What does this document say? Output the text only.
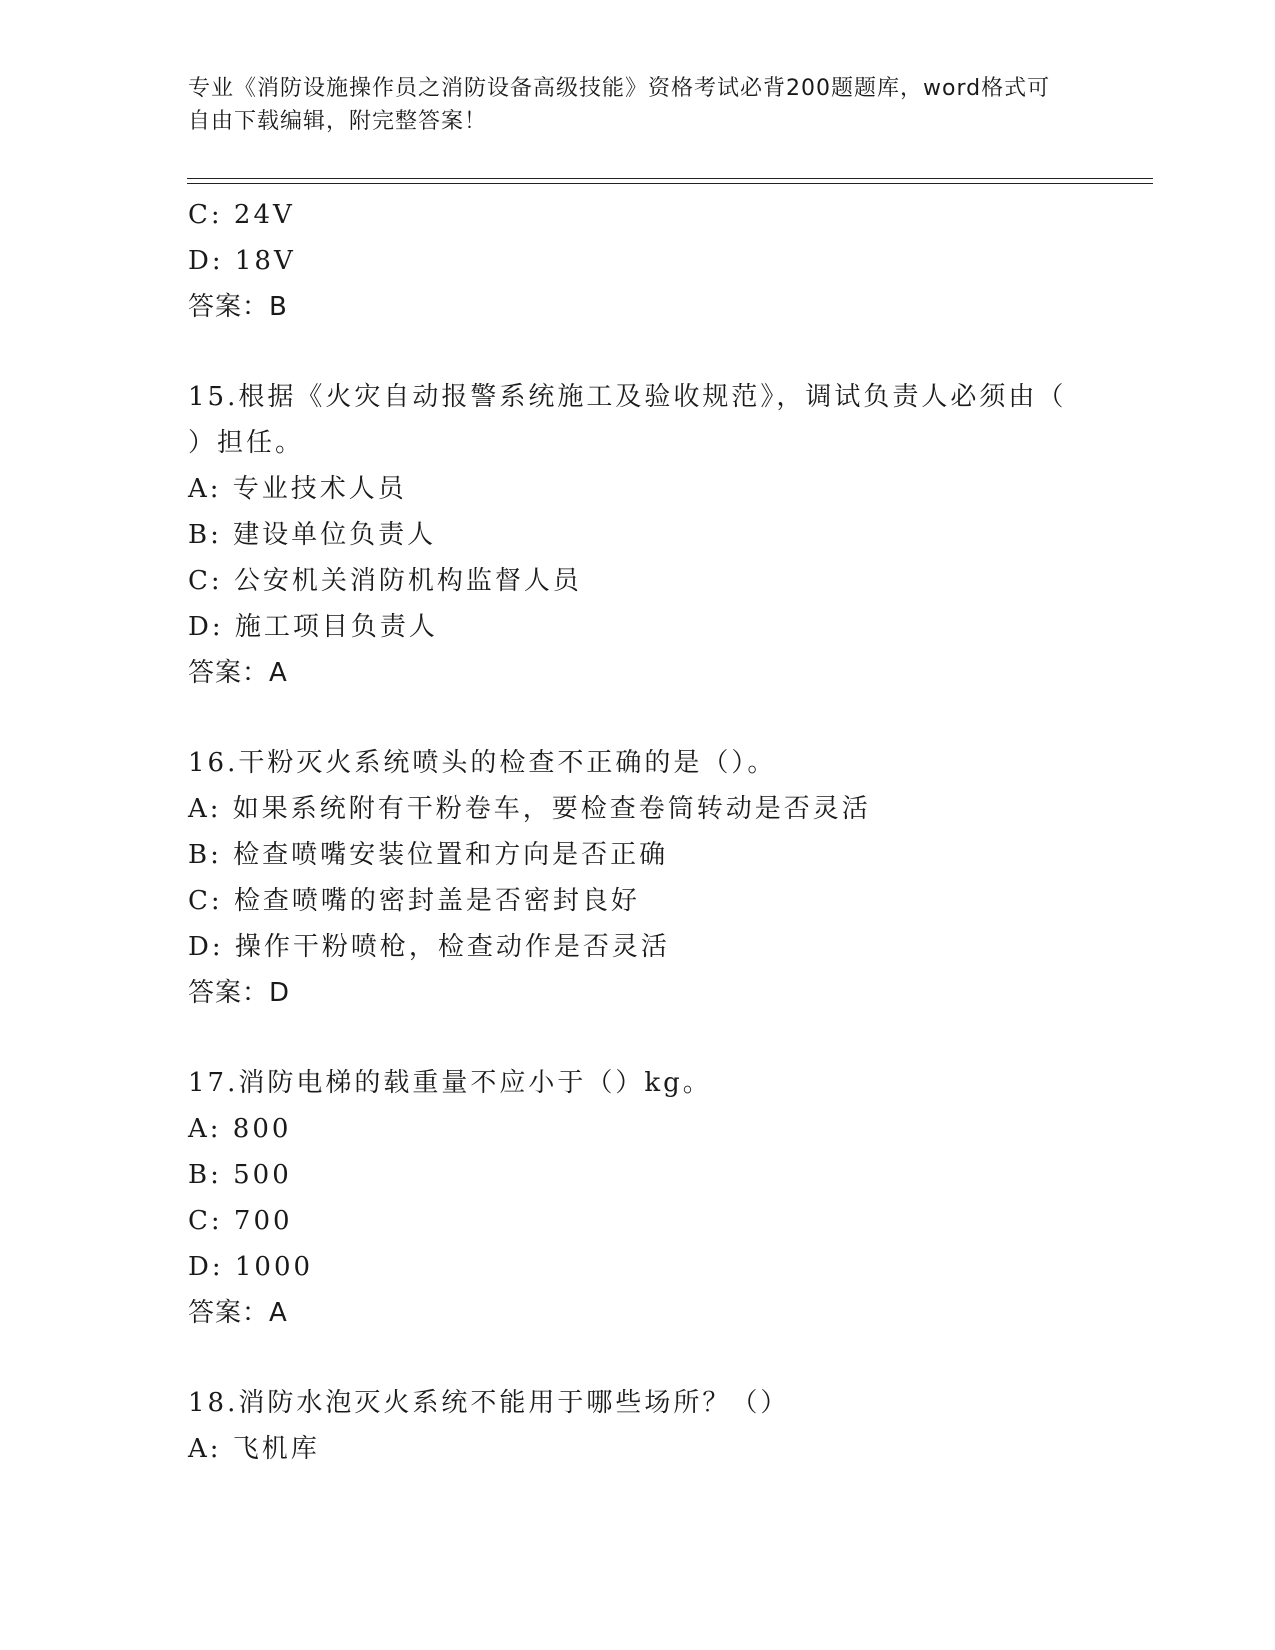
专业《消防设施操作员之消防设备高级技能》资格考试必背200题题库，word格式可自由下载编辑，附完整答案！
C: 24V
D: 18V
答案：B
15.根据《火灾自动报警系统施工及验收规范》，调试负责人必须由（
）担任。
A: 专业技术人员
B: 建设单位负责人
C: 公安机关消防机构监督人员
D: 施工项目负责人
答案：A
16.干粉灭火系统喷头的检查不正确的是（）。
A: 如果系统附有干粉卷车，要检查卷筒转动是否灵活
B: 检查喷嘴安装位置和方向是否正确
C: 检查喷嘴的密封盖是否密封良好
D: 操作干粉喷枪，检查动作是否灵活
答案：D
17.消防电梯的载重量不应小于（）kg。
A: 800
B: 500
C: 700
D: 1000
答案：A
18.消防水泡灭火系统不能用于哪些场所？（）
A: 飞机库
